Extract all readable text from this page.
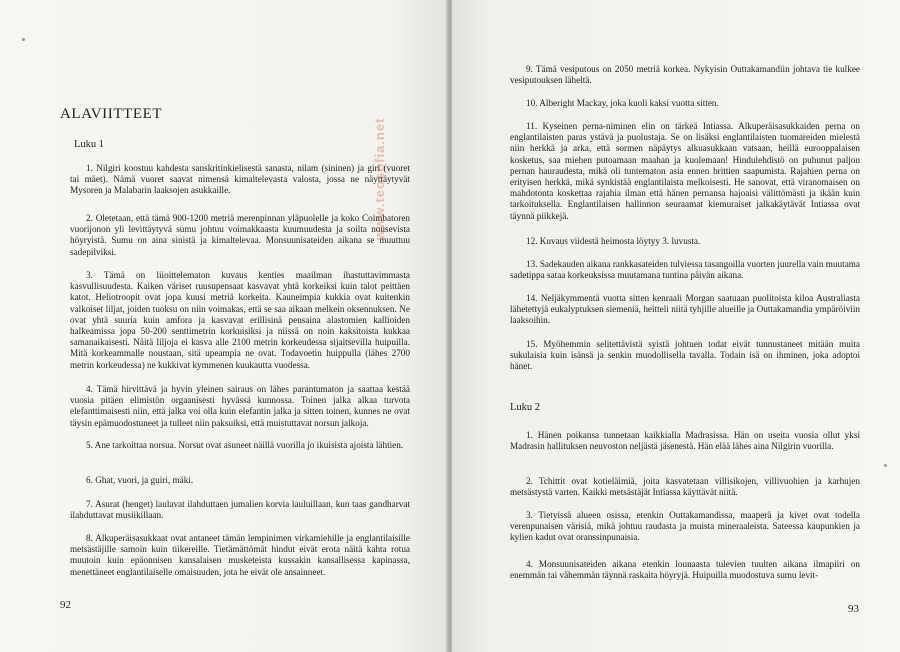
ALAVIITTEET
Luku 1

1. Nilgiri koostuu kahdesta sanskritinkielisestä sanasta, nilam (sininen) ja giri (vuoret tai mäet). Nämä vuoret saavat nimensä kimaltelevasta valosta, jossa ne näyttäytyvät Mysoren ja Malabarin laaksojen asukkaille.

2. Oletetaan, että tämä 900-1200 metriä merenpinnan yläpuolelle ja koko Coimbatoren vuorijonon yli levittäytyvä sumu johtuu voimakkaasta kuumuudesta ja soilta nousevista höyryistä. Sumu on aina sinistä ja kimaltelevaa. Monsuunisateiden aikana se muuttuu sadepilviksi.

3. Tämä on liioittelematon kuvaus kenties maailman ihastuttavimmasta kasvullisuudesta. Kaiken väriset ruusupensaat kasvavat yhtä korkeiksi kuin talot peittäen katot. Heliotroopit ovat jopa kuusi metriä korkeita. Kauneimpia kukkia ovat kuitenkin valkoiset liljat, joiden tuoksu on niin voimakas, että se saa aikaan melkein oksennuksen. Ne ovat yhtä suuria kuin amfora ja kasvavat erillisinä pensaina alastomien kallioiden halkeamissa jopa 50-200 senttimetrin korkuisiksi ja niissä on noin kaksitoista kukkaa samanaikaisesti. Näitä liljoja ei kasva alle 2100 metrin korkeudessa sijaitsevilla huipuilla. Mitä korkeammalle noustaan, sitä upeampia ne ovat. Todavoetin huippulla (lähes 2700 metrin korkeudessa) ne kukkivat kymmenen kuukautta vuodessa.

4. Tämä hirvittävä ja hyvin yleinen sairaus on lähes parantumaton ja saattaa kestää vuosia pitäen elimistön orgaanisesti hyvässä kunnossa. Toinen jalka alkaa turvota elefanttimaisesti niin, että jalka voi olla kuin elefantin jalka ja sitten toinen, kunnes ne ovat täysin epämuodostuneet ja tulleet niin paksuiksi, että muistuttavat norsun jalkoja.

5. Ane tarkoittaa norsua. Norsut ovat asuneet näillä vuorilla jo ikuisista ajoista lähtien.

6. Ghat, vuori, ja guiri, mäki.

7. Asurat (henget) laulavat ilahduttaen jumalien korvia lauluillaan, kun taas gandharvat ilahduttavat musiikillaan.

8. Alkuperäisasukkaat ovat antaneet tämän lempinimen virkamiehille ja englantilaisille metsästäjille samoin kuin tiikereille. Tietämättömät hindut eivät erota näitä kahta rotua muutoin kuin epäonnisen kansalaisen musketeista kussakin kansallisessa kapinassa, menettäneet englantilaiselle omaisuuden, jota he eivät ole ansainneet.

92

9. Tämä vesiputous on 2050 metriä korkea. Nykyisin Outtakamandiin johtava tie kulkee vesiputouksen läheltä.

10. Alberight Mackay, joka kuoli kaksi vuotta sitten.

11. Kyseinen perna-niminen elin on tärkeä Intiassa. Alkuperäisasukkaiden perna on englantilaisten paras ystävä ja puolustaja. Se on lisäksi englantilaisten tuomareiden mielestä niin herkkä ja arka, että sormen näpäytys alkuasukkaan vatsaan, heillä eurooppalaisen kosketus, saa miehen putoamaan maahan ja kuolemaan! Hindulehdistö on puhunut paljon pernan hauraudesta, mikä oli tuntematon asia ennen brittien saapumista. Rajahien perna on erityisen herkkä, mikä synkistää englantilaista melkoisesti. He sanovat, että viranomaisen on mahdotonta koskettaa rajahia ilman että hänen pernansa hajoaisi välittömästi ja ikään kuin tarkoituksella. Englantilaisen hallinnon seuraamat kiemuraiset jalkakäytävät Intiassa ovat täynnä piikkejä.

12. Kuvaus viidestä heimosta löytyy 3. luvusta.

13. Sadekauden aikana rankkasateiden tulviessa tasangoilla vuorten juurella vain muutama sadetippa sataa korkeuksissa muutamana tuntina päivän aikana.

14. Neljäkymmentä vuotta sitten kenraali Morgan saatuaan puolitoista kiloa Australiasta lähetettyjä eukalyptuksen siemeniä, heitteli niitä tyhjille alueille ja Outtakamandia ympäröiviin laaksoihin.

15. Myöhemmin selitettävistä syistä johtuen todat eivät tunnustaneet mitään muita sukulaisia kuin isänsä ja senkin muodollisella tavalla. Todain isä on ihminen, joka adoptoi hänet.

Luku 2

1. Hänen poikansa tunnetaan kaikkialla Madrasissa. Hän on useita vuosia ollut yksi Madrasin hallituksen neuvoston neljästä jäsenestä. Hän elää lähes aina Nilgirin vuorilla.

2. Tchittit ovat kotieläimiä, joita kasvatetaan villisikojen, villivuohien ja karhujen metsästystä varten. Kaikki metsästäjät Intiassa käyttävät niitä.

3. Tietyissä alueen osissa, etenkin Outtakamandissa, maaperä ja kivet ovat todella verenpunaisen värisiä, mikä johtuu raudasta ja muista mineraaleista. Sateessa kaupunkien ja kylien kadut ovat oranssinpunaisia.

4. Monsuunisateiden aikana etenkin lounaasta tulevien tuulten aikana ilmapiiri on enemmän tai vähemmän täynnä raskaita höyryjä. Huipuilla muodostuva sumu levit-

93
www.teosofia.net
